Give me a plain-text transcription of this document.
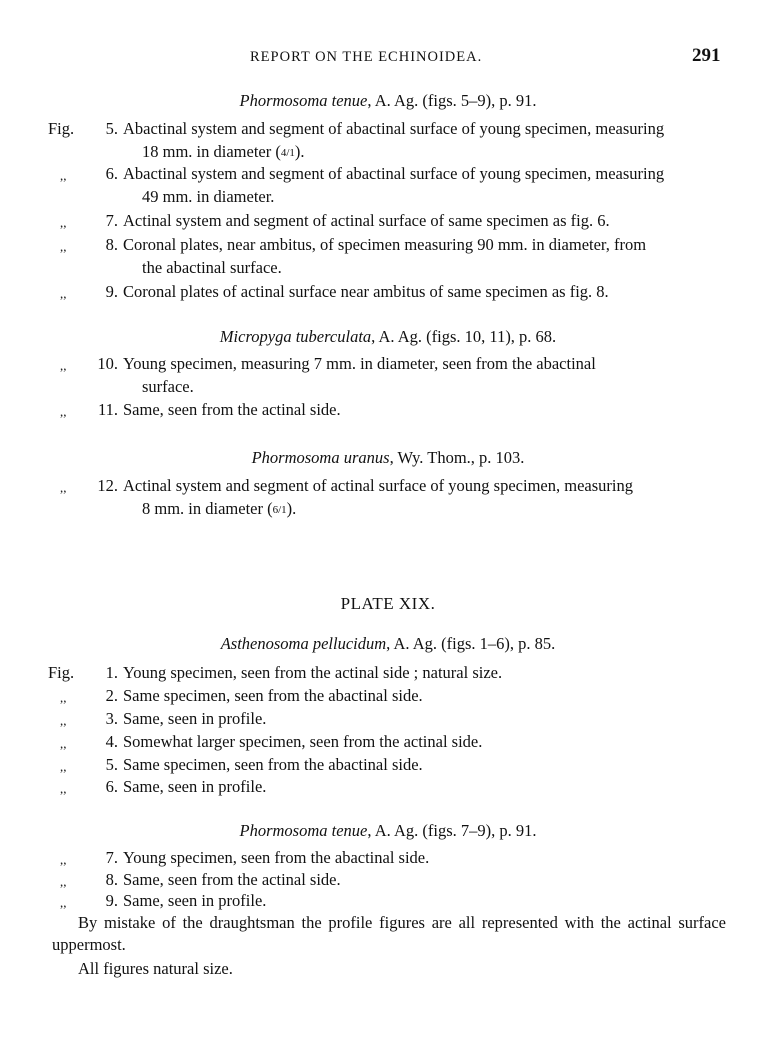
REPORT ON THE ECHINOIDEA.	291
Phormosoma tenue, A. Ag. (figs. 5–9), p. 91.
Fig.	5. Abactinal system and segment of abactinal surface of young specimen, measuring
18 mm. in diameter (4/1).
,,	6. Abactinal system and segment of abactinal surface of young specimen, measuring
49 mm. in diameter.
,,	7. Actinal system and segment of actinal surface of same specimen as fig. 6.
,,	8. Coronal plates, near ambitus, of specimen measuring 90 mm. in diameter, from
the abactinal surface.
,,	9. Coronal plates of actinal surface near ambitus of same specimen as fig. 8.
Micropyga tuberculata, A. Ag. (figs. 10, 11), p. 68.
,,	10. Young specimen, measuring 7 mm. in diameter, seen from the abactinal
surface.
,,	11. Same, seen from the actinal side.
Phormosoma uranus, Wy. Thom., p. 103.
,,	12. Actinal system and segment of actinal surface of young specimen, measuring
8 mm. in diameter (6/1).
PLATE XIX.
Asthenosoma pellucidum, A. Ag. (figs. 1–6), p. 85.
Fig.	1. Young specimen, seen from the actinal side ; natural size.
,,	2. Same specimen, seen from the abactinal side.
,,	3. Same, seen in profile.
,,	4. Somewhat larger specimen, seen from the actinal side.
,,	5. Same specimen, seen from the abactinal side.
,,	6. Same, seen in profile.
Phormosoma tenue, A. Ag. (figs. 7–9), p. 91.
,,	7. Young specimen, seen from the abactinal side.
,,	8. Same, seen from the actinal side.
,,	9. Same, seen in profile.
By mistake of the draughtsman the profile figures are all represented with the actinal surface uppermost.
All figures natural size.
